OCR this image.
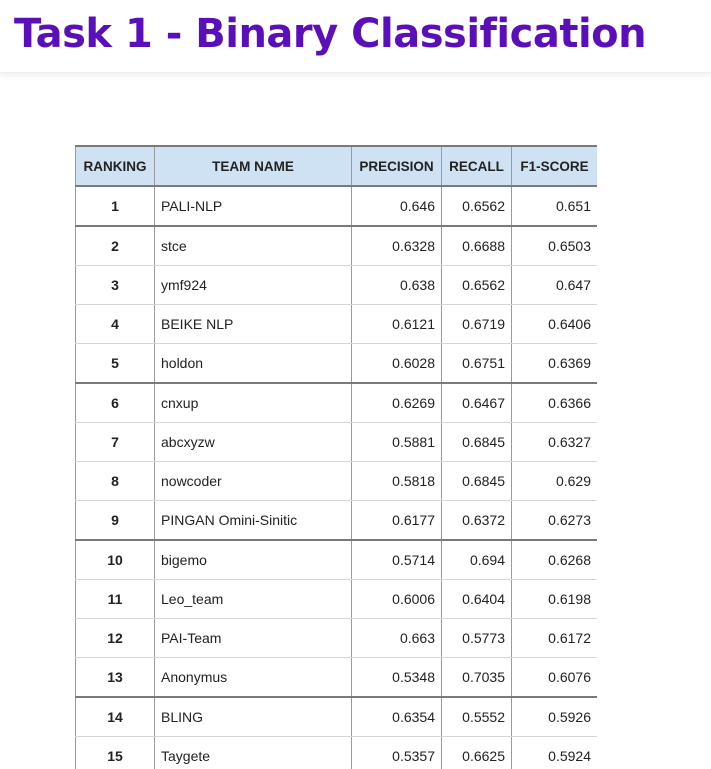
Task 1 - Binary Classification
RANKING	TEAM NAME	PRECISION	RECALL	F1-SCORE
1	PALI-NLP	0.646	0.6562	0.651
2	stce	0.6328	0.6688	0.6503
3	ymf924	0.638	0.6562	0.647
4	BEIKE NLP	0.6121	0.6719	0.6406
5	holdon	0.6028	0.6751	0.6369
6	cnxup	0.6269	0.6467	0.6366
7	abcxyzw	0.5881	0.6845	0.6327
8	nowcoder	0.5818	0.6845	0.629
9	PINGAN Omini-Sinitic	0.6177	0.6372	0.6273
10	bigemo	0.5714	0.694	0.6268
11	Leo_team	0.6006	0.6404	0.6198
12	PAI-Team	0.663	0.5773	0.6172
13	Anonymus	0.5348	0.7035	0.6076
14	BLING	0.6354	0.5552	0.5926
15	Taygete	0.5357	0.6625	0.5924
